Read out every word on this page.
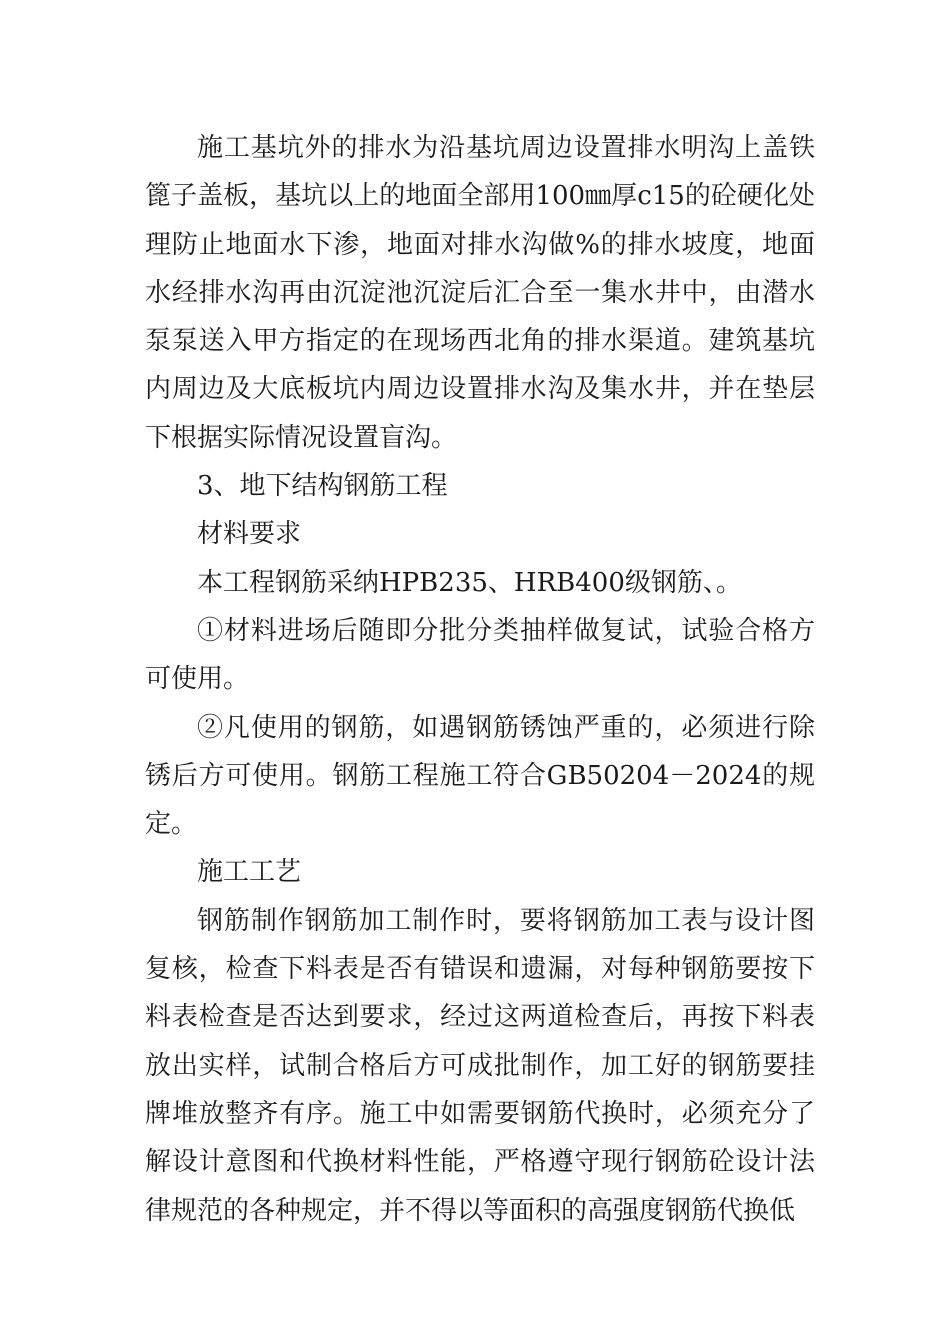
施工基坑外的排水为沿基坑周边设置排水明沟上盖铁篦子盖板，基坑以上的地面全部用100㎜厚c15的砼硬化处理防止地面水下渗，地面对排水沟做%的排水坡度，地面水经排水沟再由沉淀池沉淀后汇合至一集水井中，由潜水泵泵送入甲方指定的在现场西北角的排水渠道。建筑基坑内周边及大底板坑内周边设置排水沟及集水井，并在垫层下根据实际情况设置盲沟。

3、地下结构钢筋工程

材料要求

本工程钢筋采纳HPB235、HRB400级钢筋、。

①材料进场后随即分批分类抽样做复试，试验合格方可使用。

②凡使用的钢筋，如遇钢筋锈蚀严重的，必须进行除锈后方可使用。钢筋工程施工符合GB50204－2024的规定。

施工工艺

钢筋制作钢筋加工制作时，要将钢筋加工表与设计图复核，检查下料表是否有错误和遗漏，对每种钢筋要按下料表检查是否达到要求，经过这两道检查后，再按下料表放出实样，试制合格后方可成批制作，加工好的钢筋要挂牌堆放整齐有序。施工中如需要钢筋代换时，必须充分了解设计意图和代换材料性能，严格遵守现行钢筋砼设计法律规范的各种规定，并不得以等面积的高强度钢筋代换低
